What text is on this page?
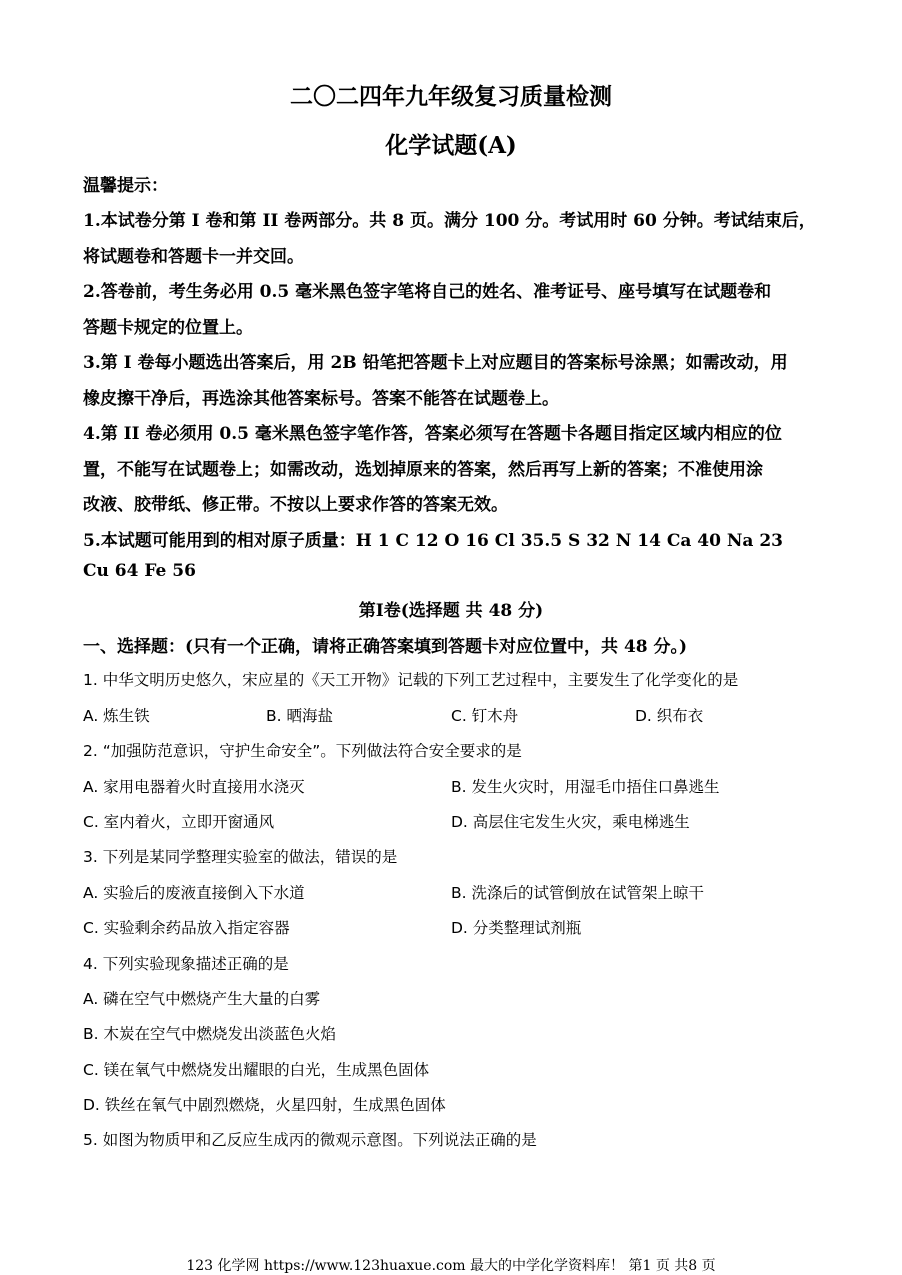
二〇二四年九年级复习质量检测
化学试题(A)
温馨提示：
1.本试卷分第 I 卷和第 II 卷两部分。共 8 页。满分 100 分。考试用时 60 分钟。考试结束后，
将试题卷和答题卡一并交回。
2.答卷前，考生务必用 0.5 毫米黑色签字笔将自己的姓名、准考证号、座号填写在试题卷和
答题卡规定的位置上。
3.第 I 卷每小题选出答案后，用 2B 铅笔把答题卡上对应题目的答案标号涂黑；如需改动，用
橡皮擦干净后，再选涂其他答案标号。答案不能答在试题卷上。
4.第 II 卷必须用 0.5 毫米黑色签字笔作答，答案必须写在答题卡各题目指定区域内相应的位
置，不能写在试题卷上；如需改动，选划掉原来的答案，然后再写上新的答案；不准使用涂
改液、胶带纸、修正带。不按以上要求作答的答案无效。
5.本试题可能用到的相对原子质量：H 1 C 12 O 16 Cl 35.5 S 32 N 14 Ca 40 Na 23
Cu 64 Fe 56
第Ⅰ卷(选择题 共 48 分)
一、选择题：(只有一个正确，请将正确答案填到答题卡对应位置中，共 48 分。)
1. 中华文明历史悠久，宋应星的《天工开物》记载的下列工艺过程中，主要发生了化学变化的是
A. 炼生铁	B. 晒海盐	C. 钉木舟	D. 织布衣
2. “加强防范意识，守护生命安全”。下列做法符合安全要求的是
A. 家用电器着火时直接用水浇灭	B. 发生火灾时，用湿毛巾捂住口鼻逃生
C. 室内着火，立即开窗通风	D. 高层住宅发生火灾，乘电梯逃生
3. 下列是某同学整理实验室的做法，错误的是
A. 实验后的废液直接倒入下水道	B. 洗涤后的试管倒放在试管架上晾干
C. 实验剩余药品放入指定容器	D. 分类整理试剂瓶
4. 下列实验现象描述正确的是
A. 磷在空气中燃烧产生大量的白雾
B. 木炭在空气中燃烧发出淡蓝色火焰
C. 镁在氧气中燃烧发出耀眼的白光，生成黑色固体
D. 铁丝在氧气中剧烈燃烧，火星四射，生成黑色固体
5. 如图为物质甲和乙反应生成丙的微观示意图。下列说法正确的是
123 化学网 https://www.123huaxue.com 最大的中学化学资料库！ 第1 页 共8 页
